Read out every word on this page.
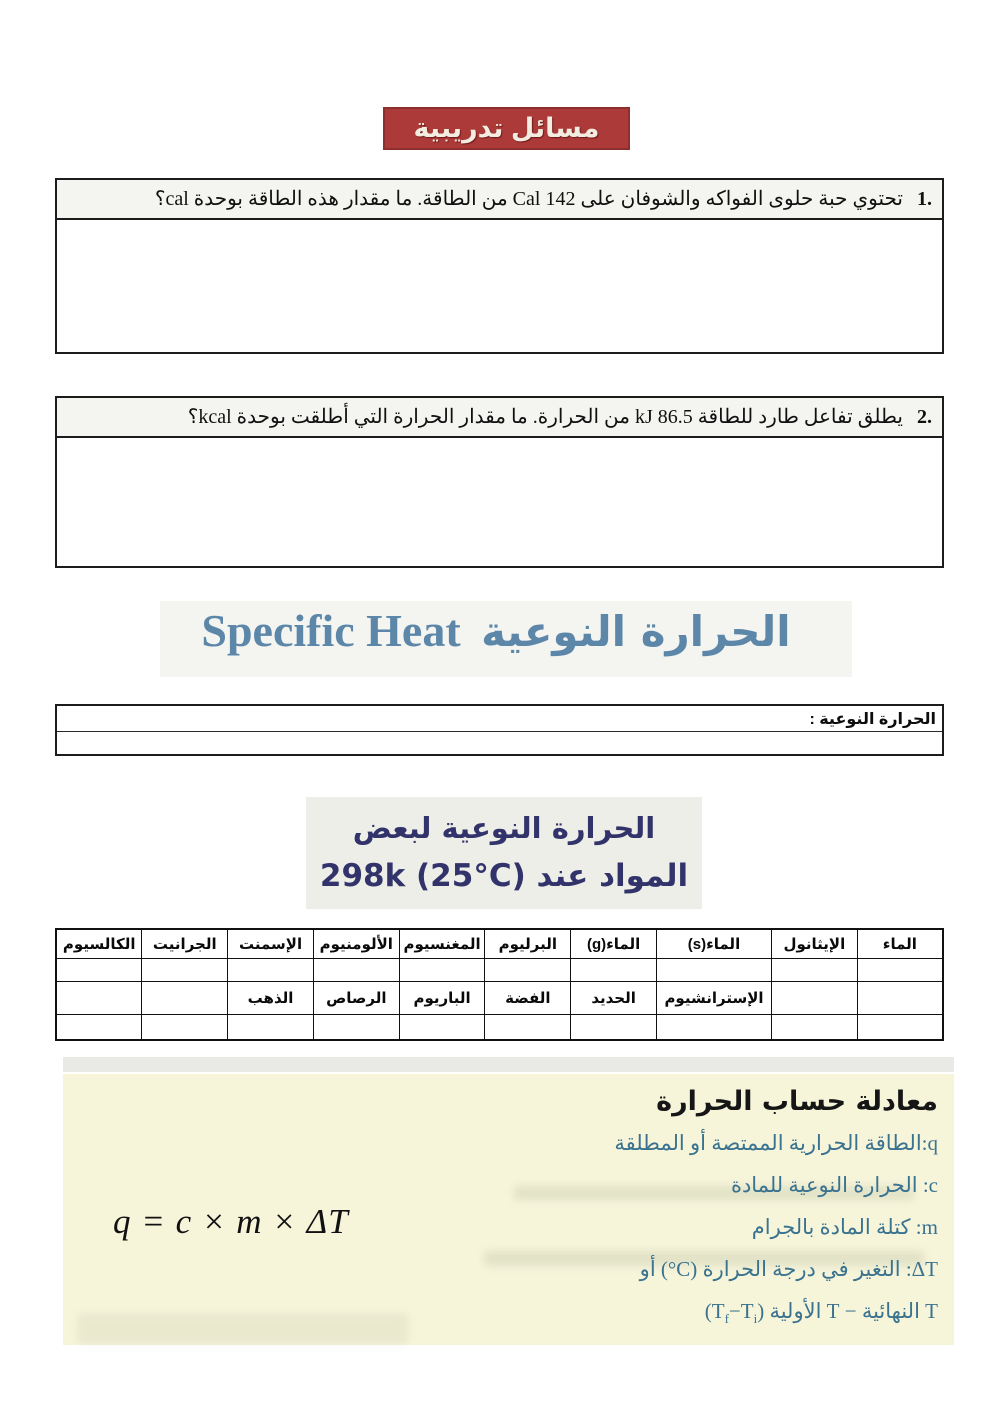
مسائل تدريبية
1.
تحتوي حبة حلوى الفواكه والشوفان على 142 Cal من الطاقة. ما مقدار هذه الطاقة بوحدة cal؟
2.
يطلق تفاعل طارد للطاقة 86.5 kJ من الحرارة. ما مقدار الحرارة التي أطلقت بوحدة kcal؟
الحرارة النوعية Specific Heat
الحرارة النوعية :
الحرارة النوعية لبعض
المواد عند 298k (25°C)
الماء	الإيثانول	الماء‎(s)	الماء‎(g)	البرليوم	المغنسيوم	الألومنيوم	الإسمنت	الجرانيت	الكالسيوم

		الإسترانشيوم	الحديد	الفضة	الباريوم	الرصاص	الذهب		

معادلة حساب الحرارة
q:الطاقة الحرارية الممتصة أو المطلقة
c: الحرارة النوعية للمادة
m: كتلة المادة بالجرام
ΔT: التغير في درجة الحرارة ‎(°C)‎ أو
T النهائية − T الأولية $(T_f-T_i)$
q = c × m × ΔT
